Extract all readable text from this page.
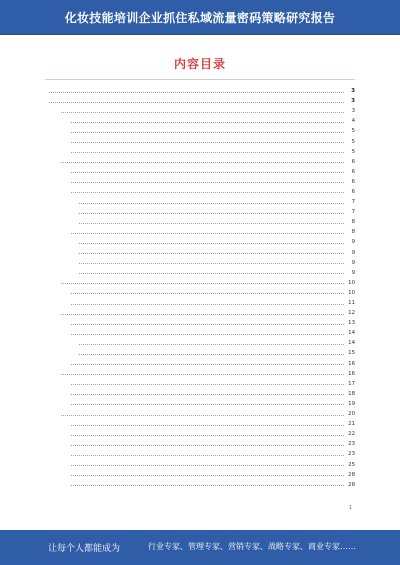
化妆技能培训企业抓住私域流量密码策略研究报告
内容目录
3
3
3
4
5
5
5
6
6
6
6
7
7
8
8
9
9
9
9
10
10
11
12
13
14
14
15
16
16
17
18
19
20
21
22
23
23
25
28
28
1
让每个人都能成为	行业专家、管理专家、营销专家、战略专家、商业专家……
